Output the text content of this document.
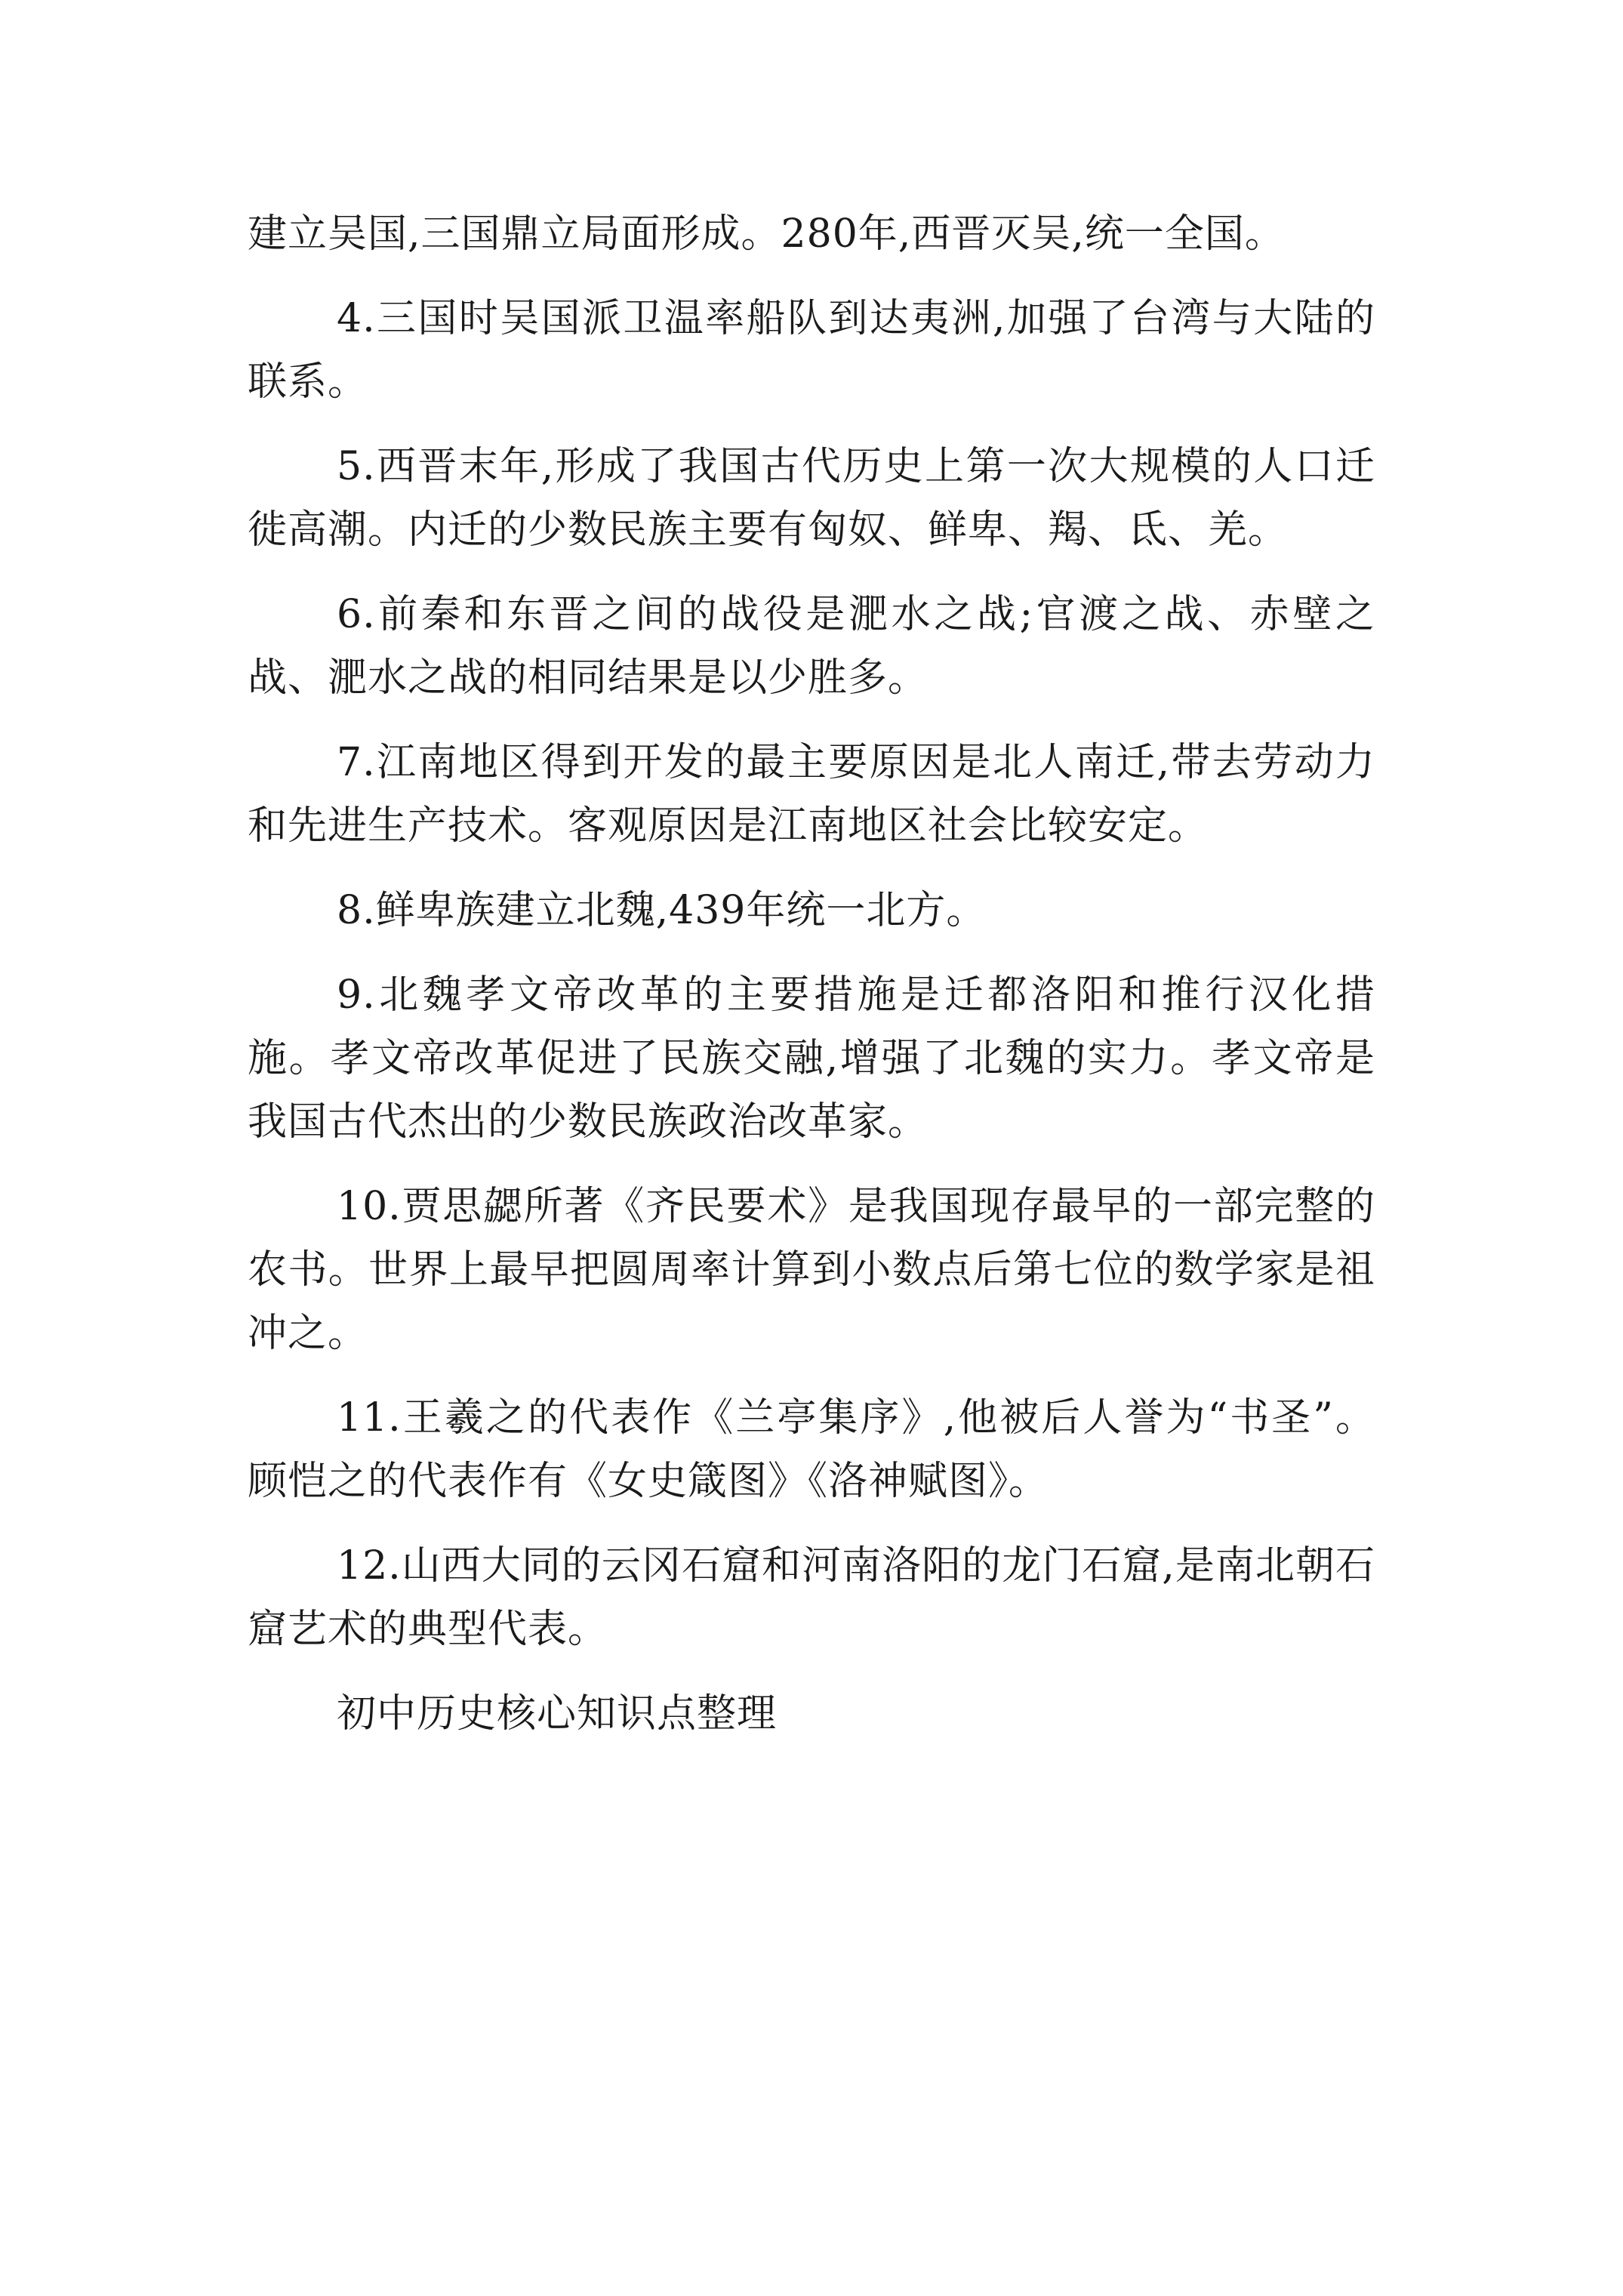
建立吴国,三国鼎立局面形成。280年,西晋灭吴,统一全国。

4.三国时吴国派卫温率船队到达夷洲,加强了台湾与大陆的联系。

5.西晋末年,形成了我国古代历史上第一次大规模的人口迁徙高潮。内迁的少数民族主要有匈奴、鲜卑、羯、氐、羌。

6.前秦和东晋之间的战役是淝水之战;官渡之战、赤壁之战、淝水之战的相同结果是以少胜多。

7.江南地区得到开发的最主要原因是北人南迁,带去劳动力和先进生产技术。客观原因是江南地区社会比较安定。

8.鲜卑族建立北魏,439年统一北方。

9.北魏孝文帝改革的主要措施是迁都洛阳和推行汉化措施。孝文帝改革促进了民族交融,增强了北魏的实力。孝文帝是我国古代杰出的少数民族政治改革家。

10.贾思勰所著《齐民要术》是我国现存最早的一部完整的农书。世界上最早把圆周率计算到小数点后第七位的数学家是祖冲之。

11.王羲之的代表作《兰亭集序》,他被后人誉为“书圣”。顾恺之的代表作有《女史箴图》《洛神赋图》。

12.山西大同的云冈石窟和河南洛阳的龙门石窟,是南北朝石窟艺术的典型代表。

初中历史核心知识点整理
